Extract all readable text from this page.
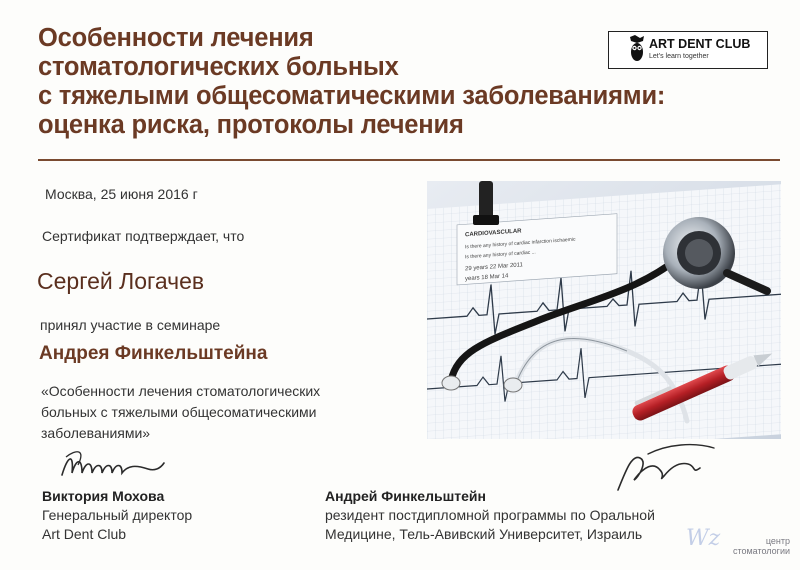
Особенности лечения
стоматологических больных
с тяжелыми общесоматическими заболеваниями:
оценка риска, протоколы лечения
ART DENT CLUB
Let's learn together
Москва, 25 июня 2016 г
Сертификат подтверждает, что
Сергей Логачев
принял участие в семинаре
Андрея Финкельштейна
«Особенности лечения стоматологических
больных с тяжелыми общесоматическими
заболеваниями»
CARDIOVASCULAR
Is there any history of cardiac infarction ischaemic
Is there any history of cardiac ...
29 years 22 Mar 2011
years 18 Mar 14
Виктория Мохова
Генеральный директор
Art Dent Club
Андрей Финкельштейн
резидент постдипломной программы по Оральной
Медицине, Тель-Авивский Университет, Израиль	Wz	центр
стоматологии
